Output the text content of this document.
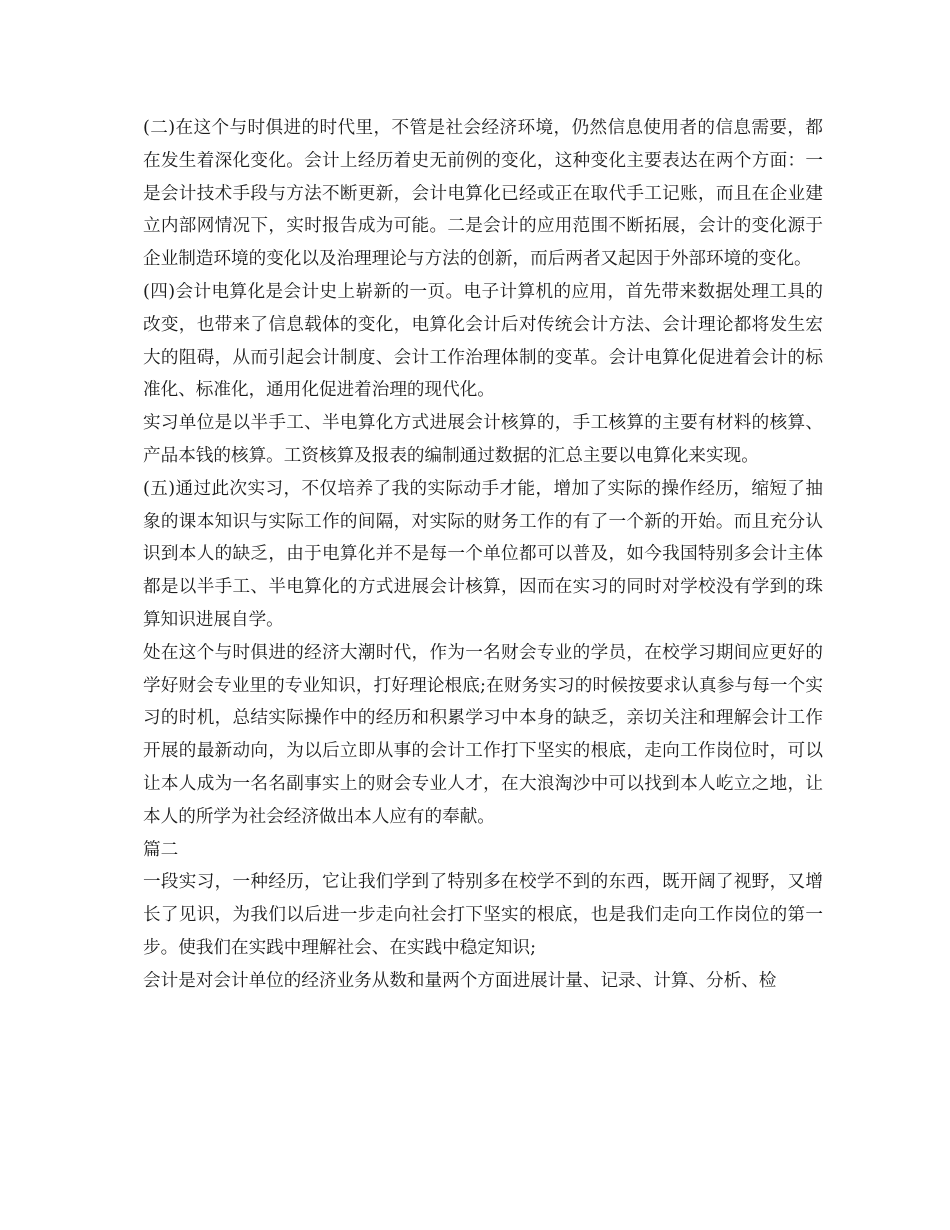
(二)在这个与时俱进的时代里，不管是社会经济环境，仍然信息使用者的信息需要，都在发生着深化变化。会计上经历着史无前例的变化，这种变化主要表达在两个方面：一是会计技术手段与方法不断更新，会计电算化已经或正在取代手工记账，而且在企业建立内部网情况下，实时报告成为可能。二是会计的应用范围不断拓展，会计的变化源于企业制造环境的变化以及治理理论与方法的创新，而后两者又起因于外部环境的变化。

(四)会计电算化是会计史上崭新的一页。电子计算机的应用，首先带来数据处理工具的改变，也带来了信息载体的变化，电算化会计后对传统会计方法、会计理论都将发生宏大的阻碍，从而引起会计制度、会计工作治理体制的变革。会计电算化促进着会计的标准化、标准化，通用化促进着治理的现代化。

实习单位是以半手工、半电算化方式进展会计核算的，手工核算的主要有材料的核算、产品本钱的核算。工资核算及报表的编制通过数据的汇总主要以电算化来实现。

(五)通过此次实习，不仅培养了我的实际动手才能，增加了实际的操作经历，缩短了抽象的课本知识与实际工作的间隔，对实际的财务工作的有了一个新的开始。而且充分认识到本人的缺乏，由于电算化并不是每一个单位都可以普及，如今我国特别多会计主体都是以半手工、半电算化的方式进展会计核算，因而在实习的同时对学校没有学到的珠算知识进展自学。

处在这个与时俱进的经济大潮时代，作为一名财会专业的学员，在校学习期间应更好的学好财会专业里的专业知识，打好理论根底;在财务实习的时候按要求认真参与每一个实习的时机，总结实际操作中的经历和积累学习中本身的缺乏，亲切关注和理解会计工作开展的最新动向，为以后立即从事的会计工作打下坚实的根底，走向工作岗位时，可以让本人成为一名名副事实上的财会专业人才，在大浪淘沙中可以找到本人屹立之地，让本人的所学为社会经济做出本人应有的奉献。

篇二

一段实习，一种经历，它让我们学到了特别多在校学不到的东西，既开阔了视野，又增长了见识，为我们以后进一步走向社会打下坚实的根底，也是我们走向工作岗位的第一步。使我们在实践中理解社会、在实践中稳定知识;

会计是对会计单位的经济业务从数和量两个方面进展计量、记录、计算、分析、检
